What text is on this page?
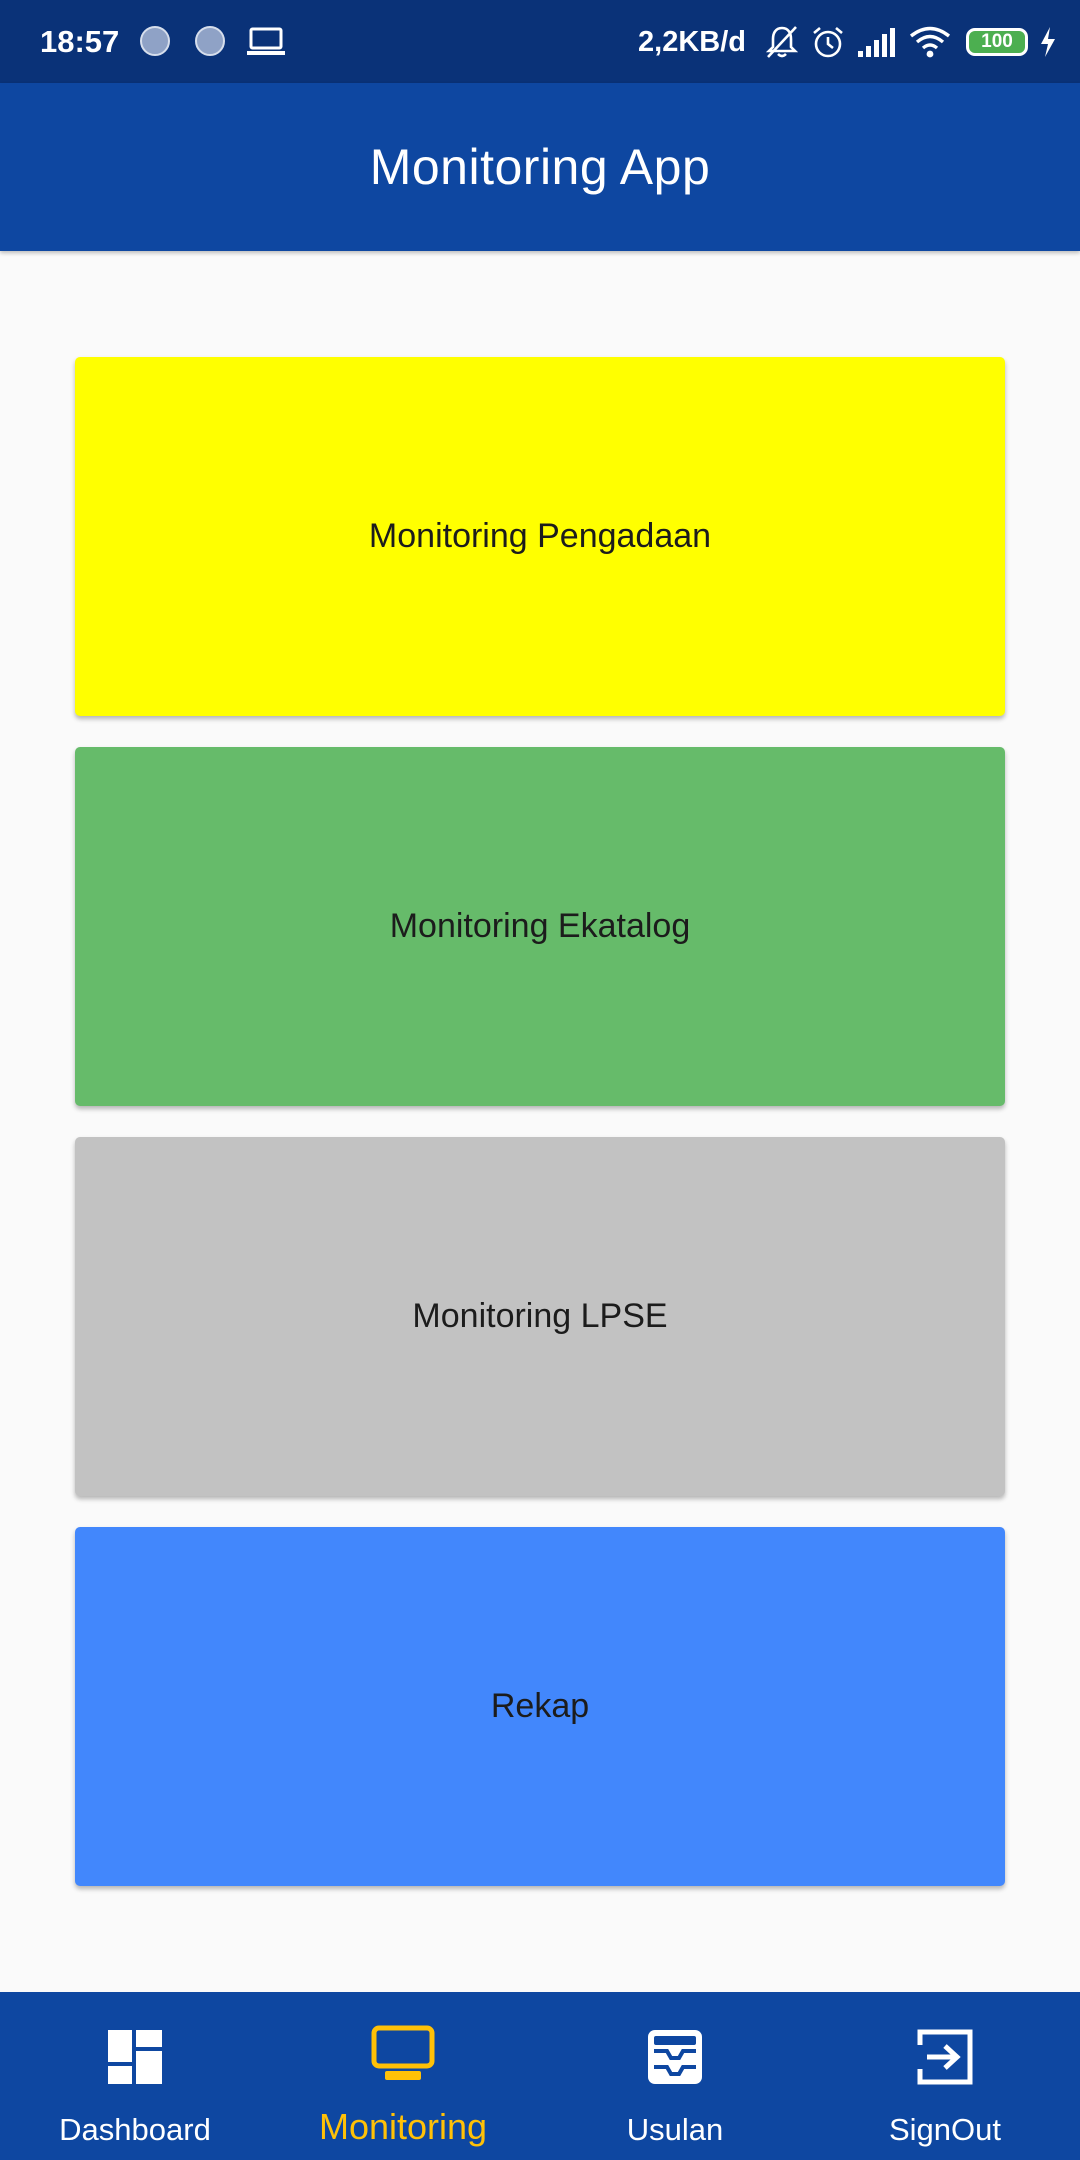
18:57	2,2KB/d	100
Monitoring App
Monitoring Pengadaan
Monitoring Ekatalog
Monitoring LPSE
Rekap
Dashboard	Monitoring	Usulan	SignOut
